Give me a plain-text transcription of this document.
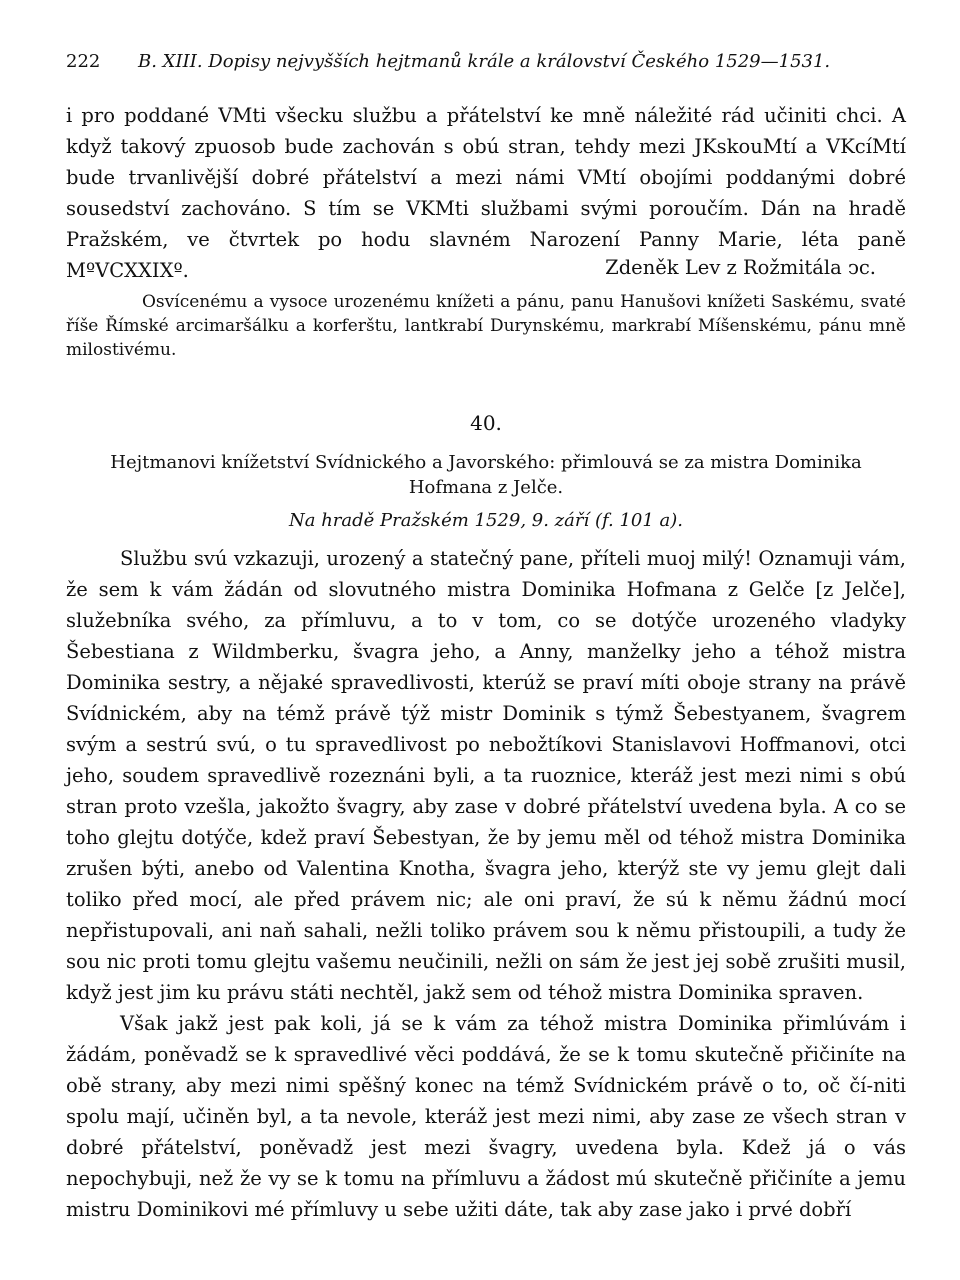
222 B. XIII. Dopisy nejvyšších hejtmanů krále a království Českého 1529—1531.

i pro poddané VMti všecku službu a přátelství ke mně náležité rád učiniti chci. A když takový zpuosob bude zachován s obú stran, tehdy mezi JKskouMtí a VKcíMtí bude trvanlivější dobré přátelství a mezi námi VMtí obojími poddanými dobré sousedství zachováno. S tím se VKMti službami svými poroučím. Dán na hradě Pražském, ve čtvrtek po hodu slavném Narození Panny Marie, léta paně MºVCXXIXº.	Zdeněk Lev z Rožmitála ͻc.

Osvícenému a vysoce urozenému knížeti a pánu, panu Hanušovi knížeti Saskému, svaté říše Římské arcimaršálku a korferštu, lantkrabí Durynskému, markrabí Míšenskému, pánu mně milostivému.

40.

Hejtmanovi knížetství Svídnického a Javorského: přimlouvá se za mistra Dominika Hofmana z Jelče.

Na hradě Pražském 1529, 9. září (f. 101 a).

Službu svú vzkazuji, urozený a statečný pane, příteli muoj milý! Oznamuji vám, že sem k vám žádán od slovutného mistra Dominika Hofmana z Gelče [z Jelče], služebníka svého, za přímluvu, a to v tom, co se dotýče urozeného vladyky Šebestiana z Wildmberku, švagra jeho, a Anny, manželky jeho a téhož mistra Dominika sestry, a nějaké spravedlivosti, kterúž se praví míti oboje strany na právě Svídnickém, aby na témž právě týž mistr Dominik s týmž Šebestyanem, švagrem svým a sestrú svú, o tu spravedlivost po nebožtíkovi Stanislavovi Hoffmanovi, otci jeho, soudem spravedlivě rozeznáni byli, a ta ruoznice, kteráž jest mezi nimi s obú stran proto vzešla, jakožto švagry, aby zase v dobré přátelství uvedena byla. A co se toho glejtu dotýče, kdež praví Šebestyan, že by jemu měl od téhož mistra Dominika zrušen býti, anebo od Valentina Knotha, švagra jeho, kterýž ste vy jemu glejt dali toliko před mocí, ale před právem nic; ale oni praví, že sú k němu žádnú mocí nepřistupovali, ani naň sahali, nežli toliko právem sou k němu přistoupili, a tudy že sou nic proti tomu glejtu vašemu neučinili, nežli on sám že jest jej sobě zrušiti musil, když jest jim ku právu státi nechtěl, jakž sem od téhož mistra Dominika spraven.

Však jakž jest pak koli, já se k vám za téhož mistra Dominika přimlúvám i žádám, poněvadž se k spravedlivé věci poddává, že se k tomu skutečně přičiníte na obě strany, aby mezi nimi spěšný konec na témž Svídnickém právě o to, oč čí-niti spolu mají, učiněn byl, a ta nevole, kteráž jest mezi nimi, aby zase ze všech stran v dobré přátelství, poněvadž jest mezi švagry, uvedena byla. Kdež já o vás nepochybuji, než že vy se k tomu na přímluvu a žádost mú skutečně přičiníte a jemu mistru Dominikovi mé přímluvy u sebe užiti dáte, tak aby zase jako i prvé dobří
